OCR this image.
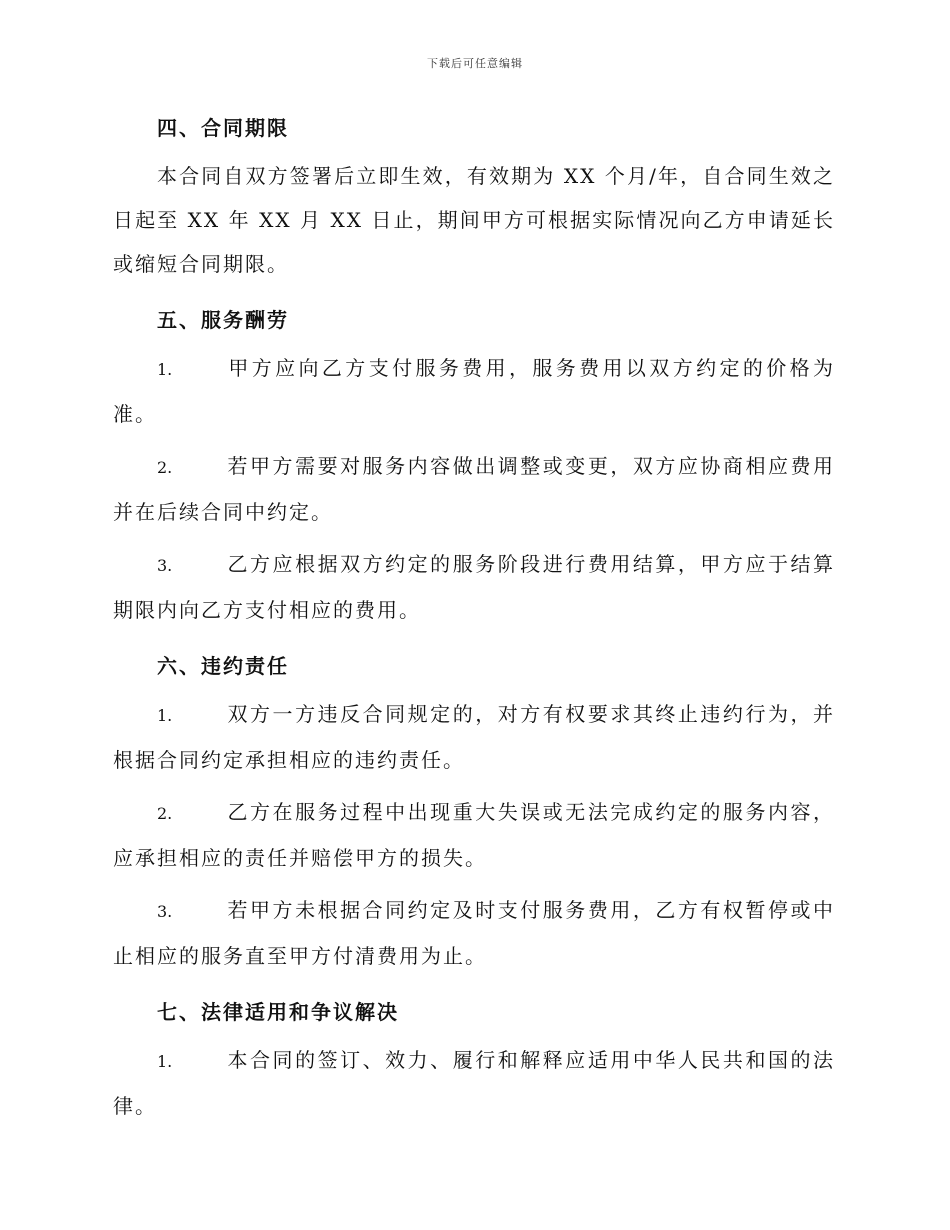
下载后可任意编辑

四、合同期限

本合同自双方签署后立即生效，有效期为 XX 个月/年，自合同生效之日起至 XX 年 XX 月 XX 日止，期间甲方可根据实际情况向乙方申请延长或缩短合同期限。

五、服务酬劳

1.	甲方应向乙方支付服务费用，服务费用以双方约定的价格为准。

2.	若甲方需要对服务内容做出调整或变更，双方应协商相应费用并在后续合同中约定。

3.	乙方应根据双方约定的服务阶段进行费用结算，甲方应于结算期限内向乙方支付相应的费用。

六、违约责任

1.	双方一方违反合同规定的，对方有权要求其终止违约行为，并根据合同约定承担相应的违约责任。

2.	乙方在服务过程中出现重大失误或无法完成约定的服务内容，应承担相应的责任并赔偿甲方的损失。

3.	若甲方未根据合同约定及时支付服务费用，乙方有权暂停或中止相应的服务直至甲方付清费用为止。

七、法律适用和争议解决

1.	本合同的签订、效力、履行和解释应适用中华人民共和国的法律。
